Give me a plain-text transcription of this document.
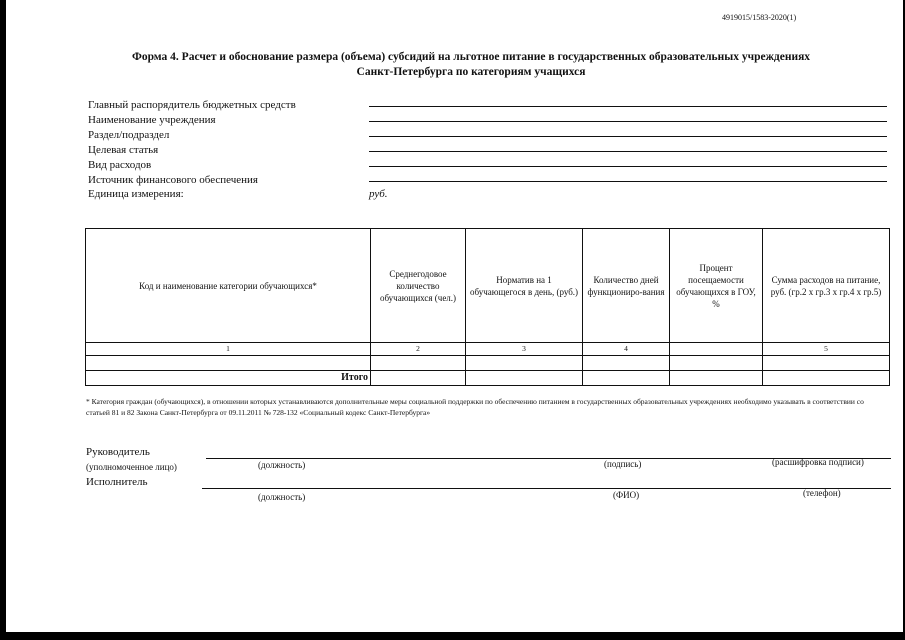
4919015/1583-2020(1)
Форма 4. Расчет и обоснование размера (объема) субсидий на льготное питание в государственных образовательных учреждениях
Санкт-Петербурга по категориям учащихся
Главный распорядитель бюджетных средств
Наименование учреждения
Раздел/подраздел
Целевая статья
Вид расходов
Источник финансового обеспечения
Единица измерения:	руб.
Код и наименование категории обучающихся*	Среднегодовое количество обучающихся (чел.)	Норматив на 1 обучающегося в день, (руб.)	Количество дней функциониро-вания	Процент посещаемости обучающихся в ГОУ, %	Сумма расходов на питание, руб. (гр.2 х гр.3 х гр.4 х гр.5)
1	2	3	4		5

Итого					
* Категория граждан (обучающихся), в отношении которых устанавливаются дополнительные меры социальной поддержки по обеспечению питанием в государственных образовательных учреждениях необходимо указывать в соответствии со статьей 81 и 82 Закона Санкт-Петербурга от 09.11.2011 № 728-132 «Социальный кодекс Санкт-Петербурга»
Руководитель
(уполномоченное лицо)	(должность)	(подпись)	(расшифровка подписи)
Исполнитель
(должность)	(ФИО)	(телефон)
